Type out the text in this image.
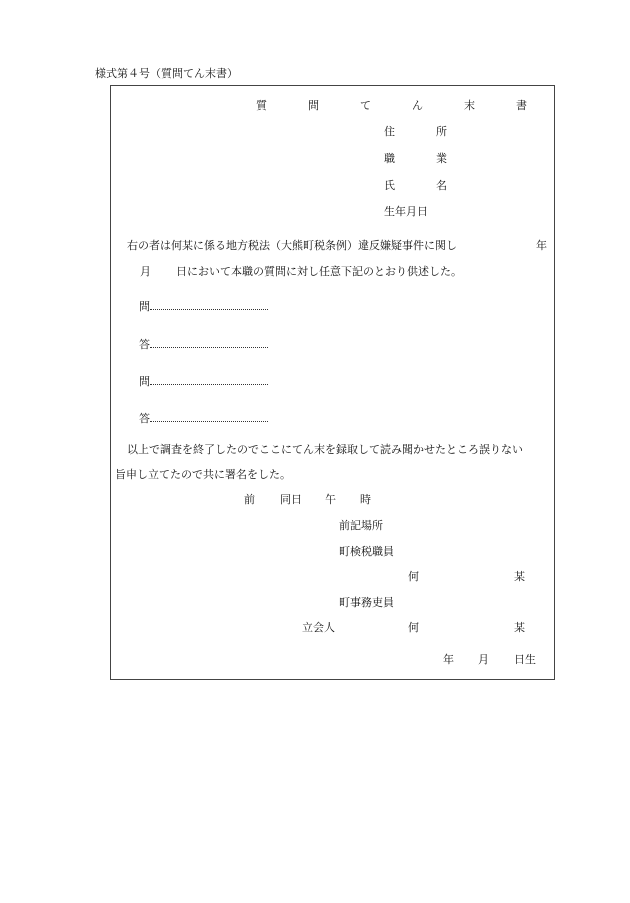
様式第４号（質問てん末書）
質　問　て　ん　末　書
住　所
職　業
氏　名
生年月日
右の者は何某に係る地方税法（大熊町税条例）違反嫌疑事件に関し	年
月 日において本職の質問に対し任意下記のとおり供述した。
問
答
問
答
以上で調査を終了したのでここにてん末を録取して読み聞かせたところ誤りない
旨申し立てたので共に署名をした。
前 同日 午 時
前記場所
町検税職員
何	某
町事務吏員
立会人	何	某
年 月 日生
